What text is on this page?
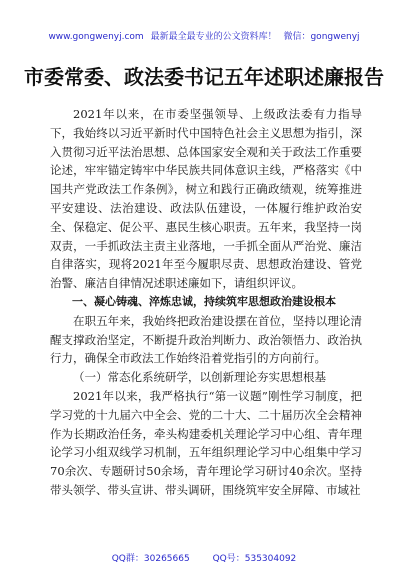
www.gongwenyj.com 最新最全最专业的公文资料库！ 微信：gongwenyj
市委常委、政法委书记五年述职述廉报告

2021年以来，在市委坚强领导、上级政法委有力指导下，我始终以习近平新时代中国特色社会主义思想为指引，深入贯彻习近平法治思想、总体国家安全观和关于政法工作重要论述，牢牢锚定铸牢中华民族共同体意识主线，严格落实《中国共产党政法工作条例》，树立和践行正确政绩观，统筹推进平安建设、法治建设、政法队伍建设，一体履行维护政治安全、保稳定、促公平、惠民生核心职责。五年来，我坚持一岗双责，一手抓政法主责主业落地，一手抓全面从严治党、廉洁自律落实，现将2021年至今履职尽责、思想政治建设、管党治警、廉洁自律情况述职述廉如下，请组织评议。

一、凝心铸魂、淬炼忠诚，持续筑牢思想政治建设根本

在职五年来，我始终把政治建设摆在首位，坚持以理论清醒支撑政治坚定，不断提升政治判断力、政治领悟力、政治执行力，确保全市政法工作始终沿着党指引的方向前行。

（一）常态化系统研学，以创新理论夯实思想根基

2021年以来，我严格执行“第一议题”刚性学习制度，把学习党的十九届六中全会、党的二十大、二十届历次全会精神作为长期政治任务，牵头构建委机关理论学习中心组、青年理论学习小组双线学习机制，五年组织理论学习中心组集中学习70余次、专题研讨50余场，青年理论学习研讨40余次。坚持带头领学、带头宣讲、带头调研，围绕筑牢安全屏障、市域社

QQ群：30265665	QQ号：535304092
